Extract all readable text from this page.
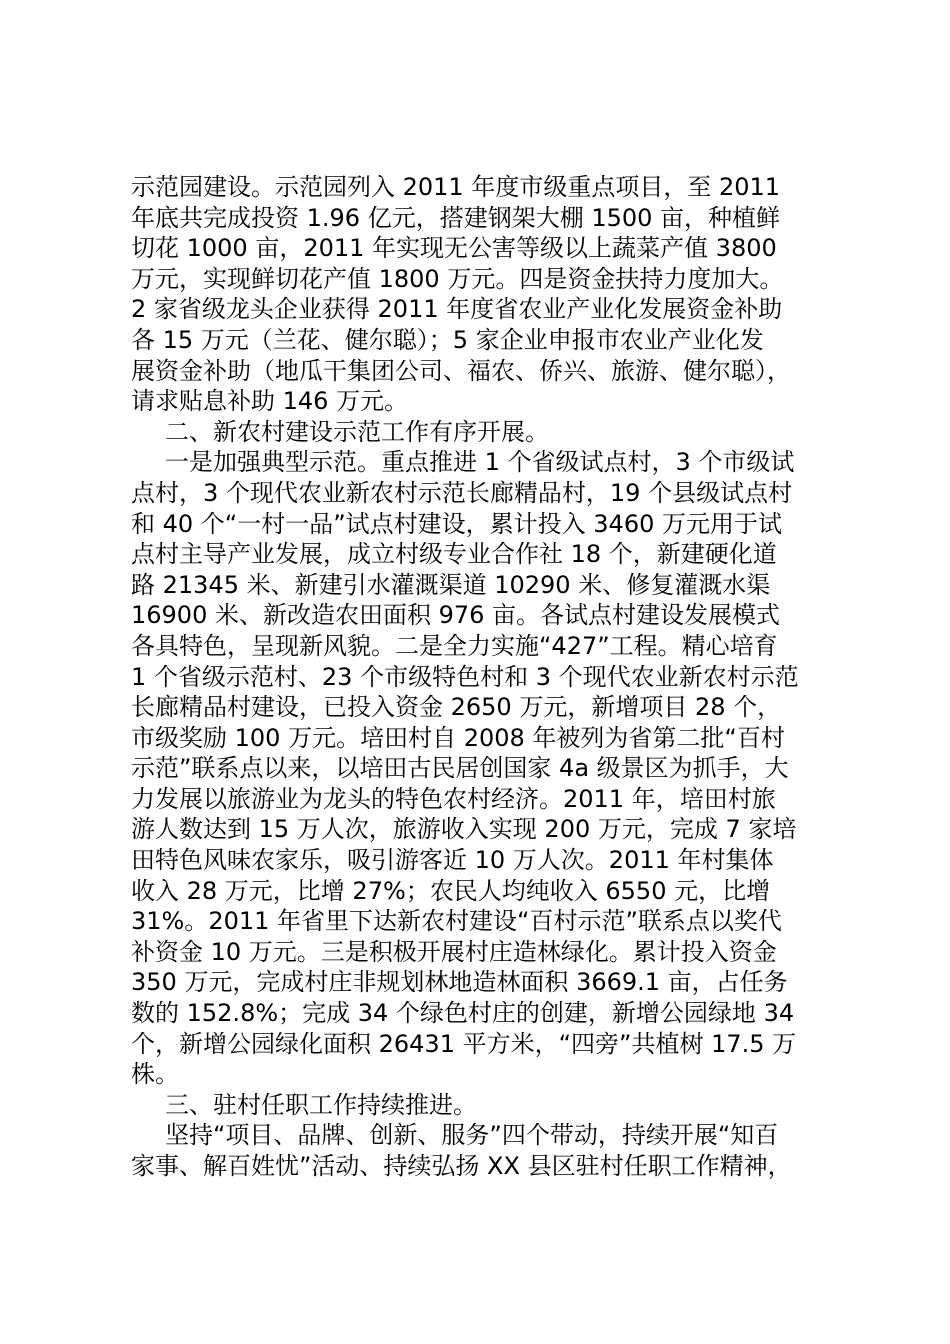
示范园建设。示范园列入 2011 年度市级重点项目，至 2011
年底共完成投资 1.96 亿元，搭建钢架大棚 1500 亩，种植鲜
切花 1000 亩，2011 年实现无公害等级以上蔬菜产值 3800
万元，实现鲜切花产值 1800 万元。四是资金扶持力度加大。
2 家省级龙头企业获得 2011 年度省农业产业化发展资金补助
各 15 万元（兰花、健尔聪）；5 家企业申报市农业产业化发
展资金补助（地瓜干集团公司、福农、侨兴、旅游、健尔聪），
请求贴息补助 146 万元。
二、新农村建设示范工作有序开展。
一是加强典型示范。重点推进 1 个省级试点村，3 个市级试
点村，3 个现代农业新农村示范长廊精品村，19 个县级试点村
和 40 个“一村一品”试点村建设，累计投入 3460 万元用于试
点村主导产业发展，成立村级专业合作社 18 个，新建硬化道
路 21345 米、新建引水灌溉渠道 10290 米、修复灌溉水渠
16900 米、新改造农田面积 976 亩。各试点村建设发展模式
各具特色，呈现新风貌。二是全力实施“427”工程。精心培育
1 个省级示范村、23 个市级特色村和 3 个现代农业新农村示范
长廊精品村建设，已投入资金 2650 万元，新增项目 28 个，
市级奖励 100 万元。培田村自 2008 年被列为省第二批“百村
示范”联系点以来，以培田古民居创国家 4a 级景区为抓手，大
力发展以旅游业为龙头的特色农村经济。2011 年，培田村旅
游人数达到 15 万人次，旅游收入实现 200 万元，完成 7 家培
田特色风味农家乐，吸引游客近 10 万人次。2011 年村集体
收入 28 万元，比增 27%；农民人均纯收入 6550 元，比增
31%。2011 年省里下达新农村建设“百村示范”联系点以奖代
补资金 10 万元。三是积极开展村庄造林绿化。累计投入资金
350 万元，完成村庄非规划林地造林面积 3669.1 亩，占任务
数的 152.8%；完成 34 个绿色村庄的创建，新增公园绿地 34
个，新增公园绿化面积 26431 平方米，“四旁”共植树 17.5 万
株。
三、驻村任职工作持续推进。
坚持“项目、品牌、创新、服务”四个带动，持续开展“知百
家事、解百姓忧”活动、持续弘扬 XX 县区驻村任职工作精神，
